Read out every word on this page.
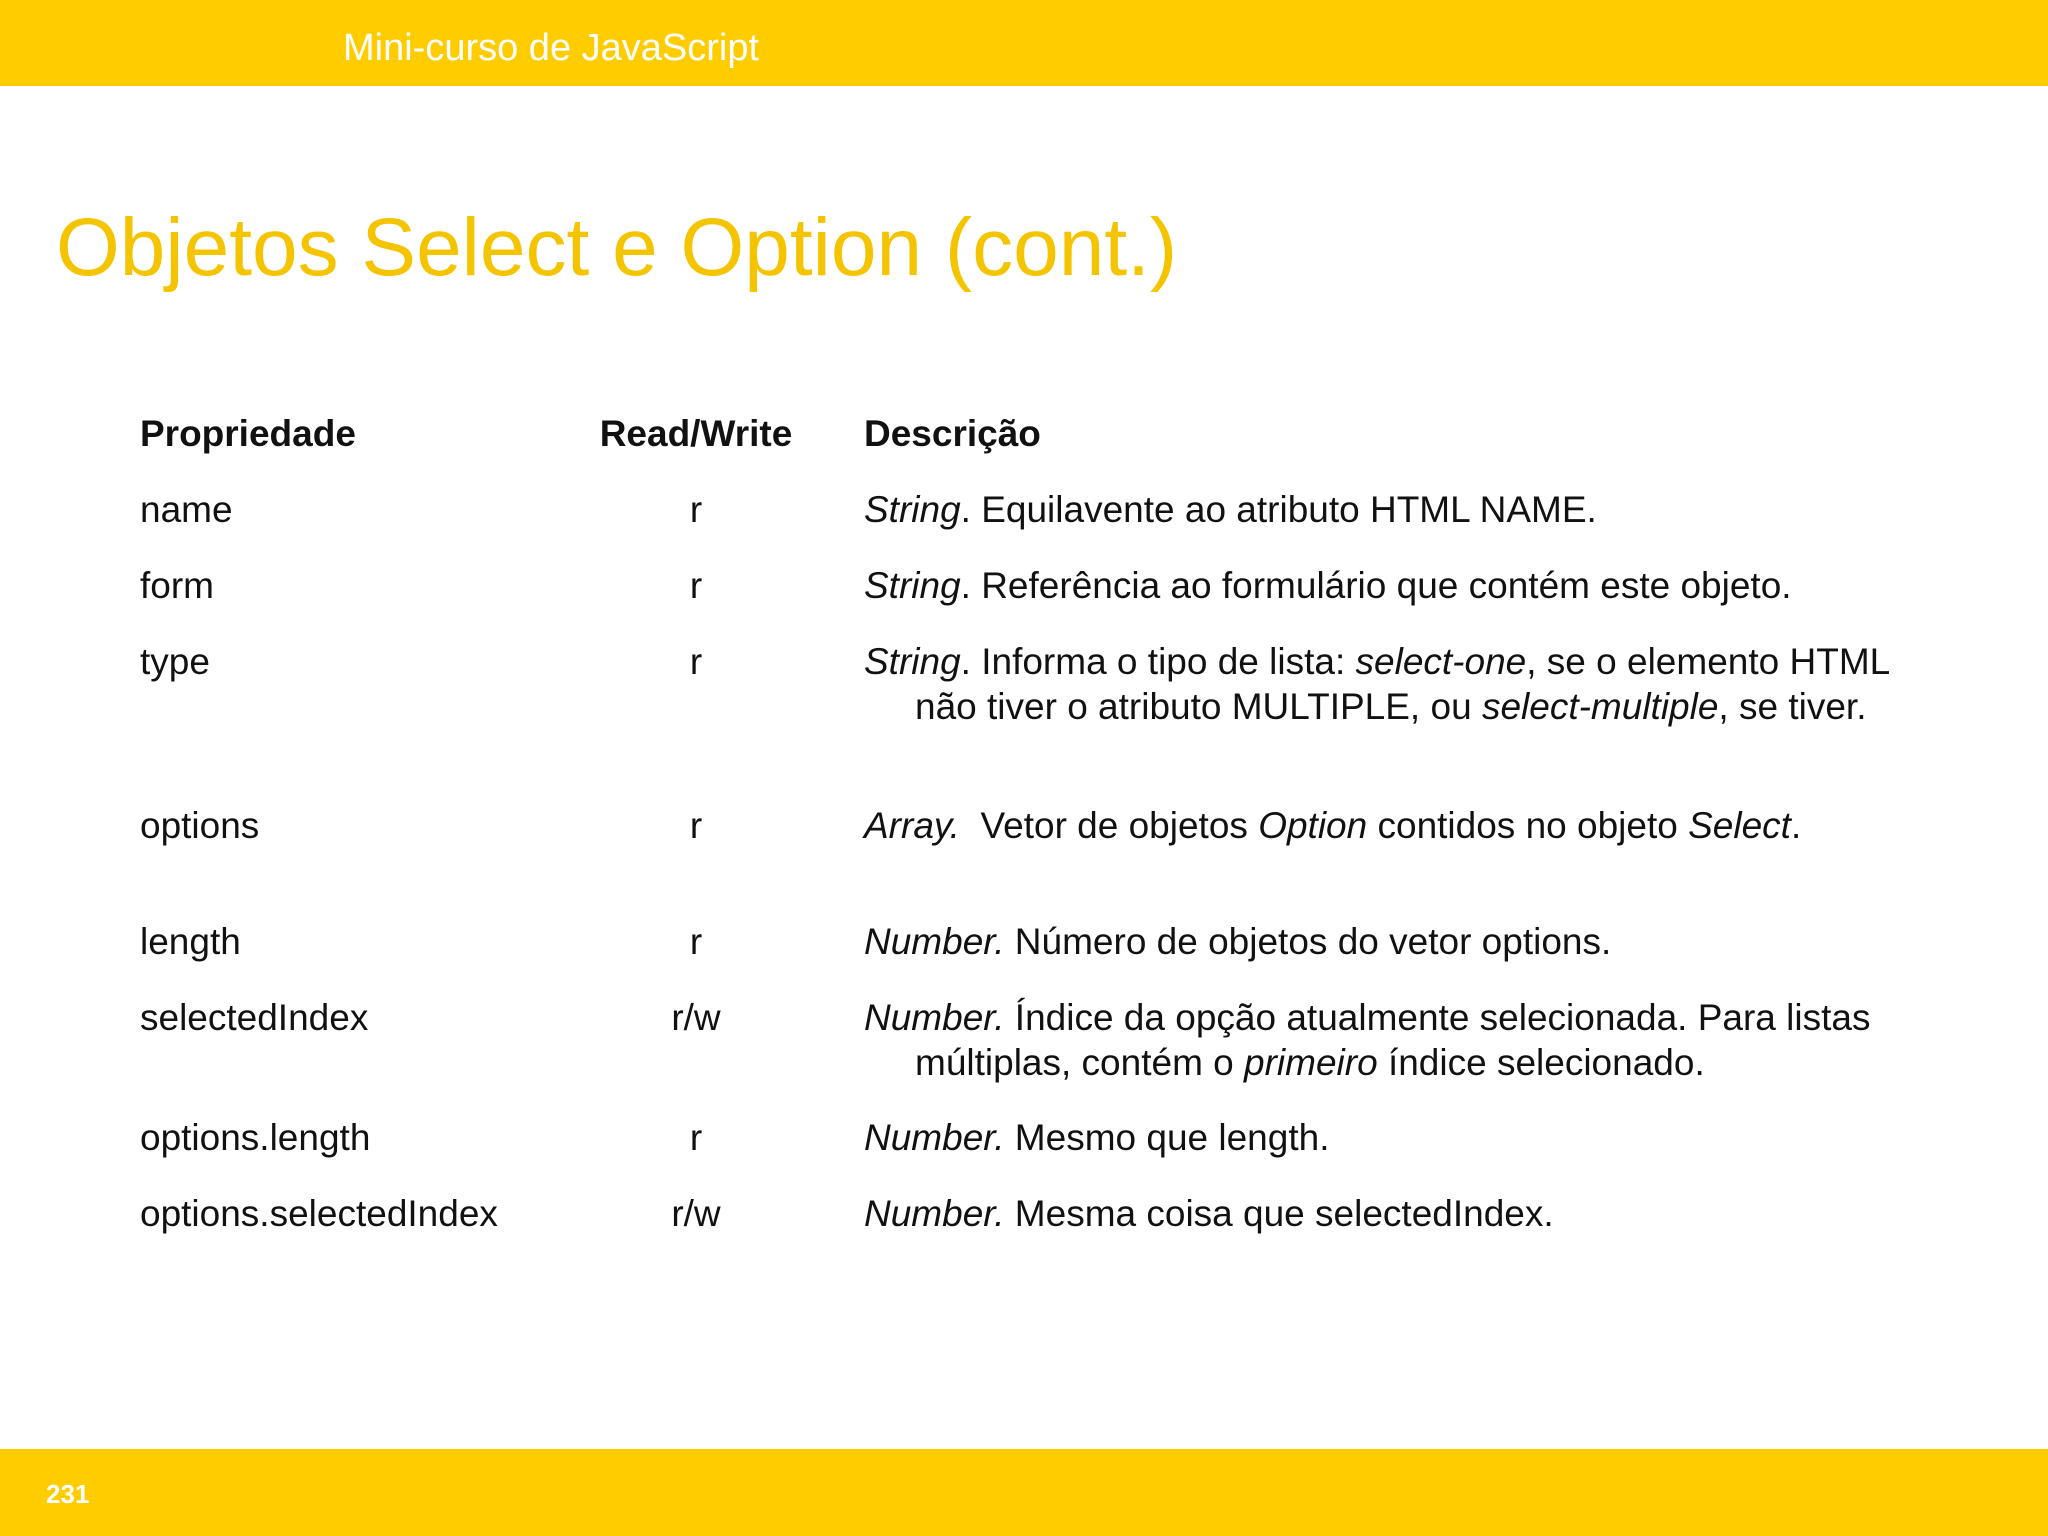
Mini-curso de JavaScript
Objetos Select e Option (cont.)
Propriedade	Read/Write Descrição
name	r	String. Equilavente ao atributo HTML NAME.
form	r	String. Referência ao formulário que contém este objeto.
type	r	String. Informa o tipo de lista: select-one, se o elemento HTML não tiver o atributo MULTIPLE, ou select-multiple, se tiver.
options	r	Array.  Vetor de objetos Option contidos no objeto Select.
length	r	Number. Número de objetos do vetor options.
selectedIndex	r/w	Number. Índice da opção atualmente selecionada. Para listas múltiplas, contém o primeiro índice selecionado.
options.length	r	Number. Mesmo que length.
options.selectedIndex	r/w	Number. Mesma coisa que selectedIndex.
231
